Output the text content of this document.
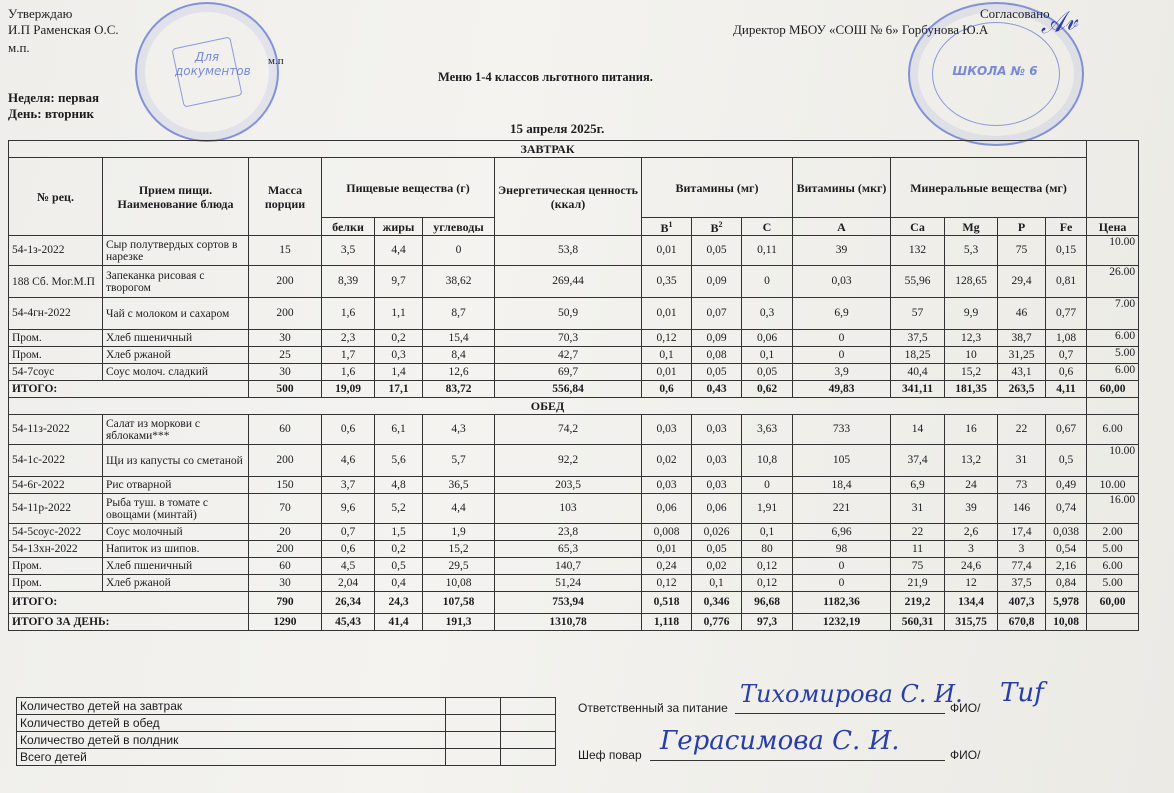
Утверждаю
И.П Раменская О.С.
м.п.
м.п
Согласовано
Директор МБОУ «СОШ № 6» Горбунова Ю.А
Меню 1-4 классов льготного питания.
Неделя: первая
День: вторник
15 апреля 2025г.
Для документов	ШКОЛА № 6
𝒜𝓋
ЗАВТРАК															
№ рец.	Прием пищи. Наименование блюда	Масса порции	Пищевые вещества (г)			Энергетическая ценность (ккал)	Витамины (мг)			Витамины (мкг)	Минеральные вещества (мг)				
			белки	жиры	углеводы		$B^1$	$B^2$	C	A	Ca	Mg	P	Fe	Цена
54-1з-2022	Сыр полутвердых сортов в нарезке	15	3,5	4,4	0	53,8	0,01	0,05	0,11	39	132	5,3	75	0,15	10.00
188 Сб. Мог.М.П	Запеканка рисовая с творогом	200	8,39	9,7	38,62	269,44	0,35	0,09	0	0,03	55,96	128,65	29,4	0,81	26.00
54-4гн-2022	Чай с молоком и сахаром	200	1,6	1,1	8,7	50,9	0,01	0,07	0,3	6,9	57	9,9	46	0,77	7.00
Пром.	Хлеб пшеничный	30	2,3	0,2	15,4	70,3	0,12	0,09	0,06	0	37,5	12,3	38,7	1,08	6.00
Пром.	Хлеб ржаной	25	1,7	0,3	8,4	42,7	0,1	0,08	0,1	0	18,25	10	31,25	0,7	5.00
54-7соус	Соус молоч. сладкий	30	1,6	1,4	12,6	69,7	0,01	0,05	0,05	3,9	40,4	15,2	43,1	0,6	6.00
ИТОГО:		500	19,09	17,1	83,72	556,84	0,6	0,43	0,62	49,83	341,11	181,35	263,5	4,11	60,00
ОБЕД															
54-11з-2022	Салат из моркови с яблоками***	60	0,6	6,1	4,3	74,2	0,03	0,03	3,63	733	14	16	22	0,67	6.00
54-1с-2022	Щи из капусты со сметаной	200	4,6	5,6	5,7	92,2	0,02	0,03	10,8	105	37,4	13,2	31	0,5	10.00
54-6г-2022	Рис отварной	150	3,7	4,8	36,5	203,5	0,03	0,03	0	18,4	6,9	24	73	0,49	10.00
54-11р-2022	Рыба туш. в томате с овощами (минтай)	70	9,6	5,2	4,4	103	0,06	0,06	1,91	221	31	39	146	0,74	16.00
54-5соус-2022	Соус молочный	20	0,7	1,5	1,9	23,8	0,008	0,026	0,1	6,96	22	2,6	17,4	0,038	2.00
54-13хн-2022	Напиток из шипов.	200	0,6	0,2	15,2	65,3	0,01	0,05	80	98	11	3	3	0,54	5.00
Пром.	Хлеб пшеничный	60	4,5	0,5	29,5	140,7	0,24	0,02	0,12	0	75	24,6	77,4	2,16	6.00
Пром.	Хлеб ржаной	30	2,04	0,4	10,08	51,24	0,12	0,1	0,12	0	21,9	12	37,5	0,84	5.00
ИТОГО:		790	26,34	24,3	107,58	753,94	0,518	0,346	96,68	1182,36	219,2	134,4	407,3	5,978	60,00
ИТОГО ЗА ДЕНЬ:		1290	45,43	41,4	191,3	1310,78	1,118	0,776	97,3	1232,19	560,31	315,75	670,8	10,08	
Количество детей на завтрак		
Количество детей в обед		
Количество детей в полдник		
Всего детей		
Ответственный за питание Тихомирова С. И.
ФИО/ Тиf
Шеф повар Герасимова С. И.	ФИО/
